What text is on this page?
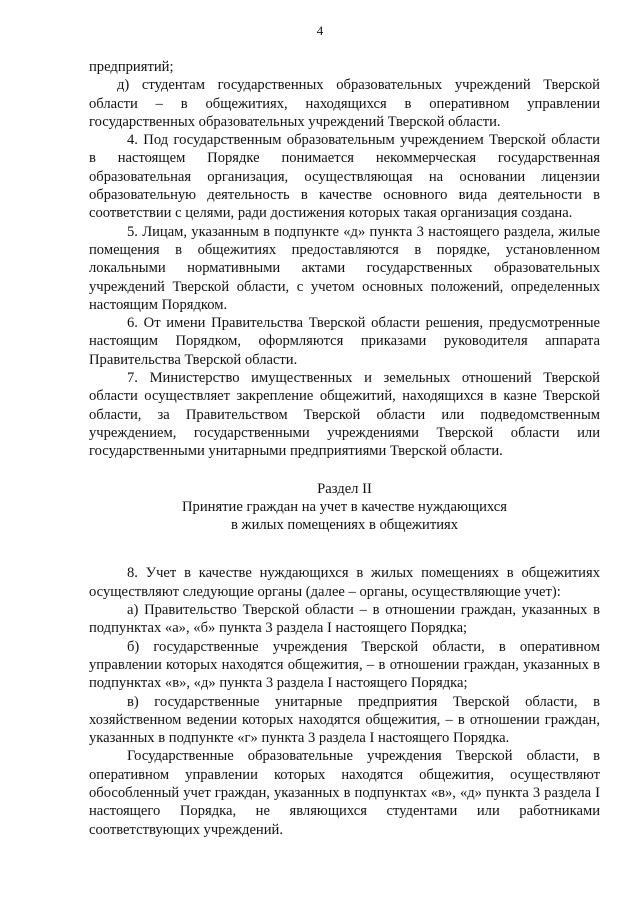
4

предприятий;

д) студентам государственных образовательных учреждений Тверской области – в общежитиях, находящихся в оперативном управлении государственных образовательных учреждений Тверской области.

4. Под государственным образовательным учреждением Тверской области в настоящем Порядке понимается некоммерческая государственная образовательная организация, осуществляющая на основании лицензии образовательную деятельность в качестве основного вида деятельности в соответствии с целями, ради достижения которых такая организация создана.

5. Лицам, указанным в подпункте «д» пункта 3 настоящего раздела, жилые помещения в общежитиях предоставляются в порядке, установленном локальными нормативными актами государственных образовательных учреждений Тверской области, с учетом основных положений, определенных настоящим Порядком.

6. От имени Правительства Тверской области решения, предусмотренные настоящим Порядком, оформляются приказами руководителя аппарата Правительства Тверской области.

7. Министерство имущественных и земельных отношений Тверской области осуществляет закрепление общежитий, находящихся в казне Тверской области, за Правительством Тверской области или подведомственным учреждением, государственными учреждениями Тверской области или государственными унитарными предприятиями Тверской области.

Раздел II

Принятие граждан на учет в качестве нуждающихся

в жилых помещениях в общежитиях

8. Учет в качестве нуждающихся в жилых помещениях в общежитиях осуществляют следующие органы (далее – органы, осуществляющие учет):

а) Правительство Тверской области – в отношении граждан, указанных в подпунктах «а», «б» пункта 3 раздела I настоящего Порядка;

б) государственные учреждения Тверской области, в оперативном управлении которых находятся общежития, – в отношении граждан, указанных в подпунктах «в», «д» пункта 3 раздела I настоящего Порядка;

в) государственные унитарные предприятия Тверской области, в хозяйственном ведении которых находятся общежития, – в отношении граждан, указанных в подпункте «г» пункта 3 раздела I настоящего Порядка.

Государственные образовательные учреждения Тверской области, в оперативном управлении которых находятся общежития, осуществляют обособленный учет граждан, указанных в подпунктах «в», «д» пункта 3 раздела I настоящего Порядка, не являющихся студентами или работниками соответствующих учреждений.
